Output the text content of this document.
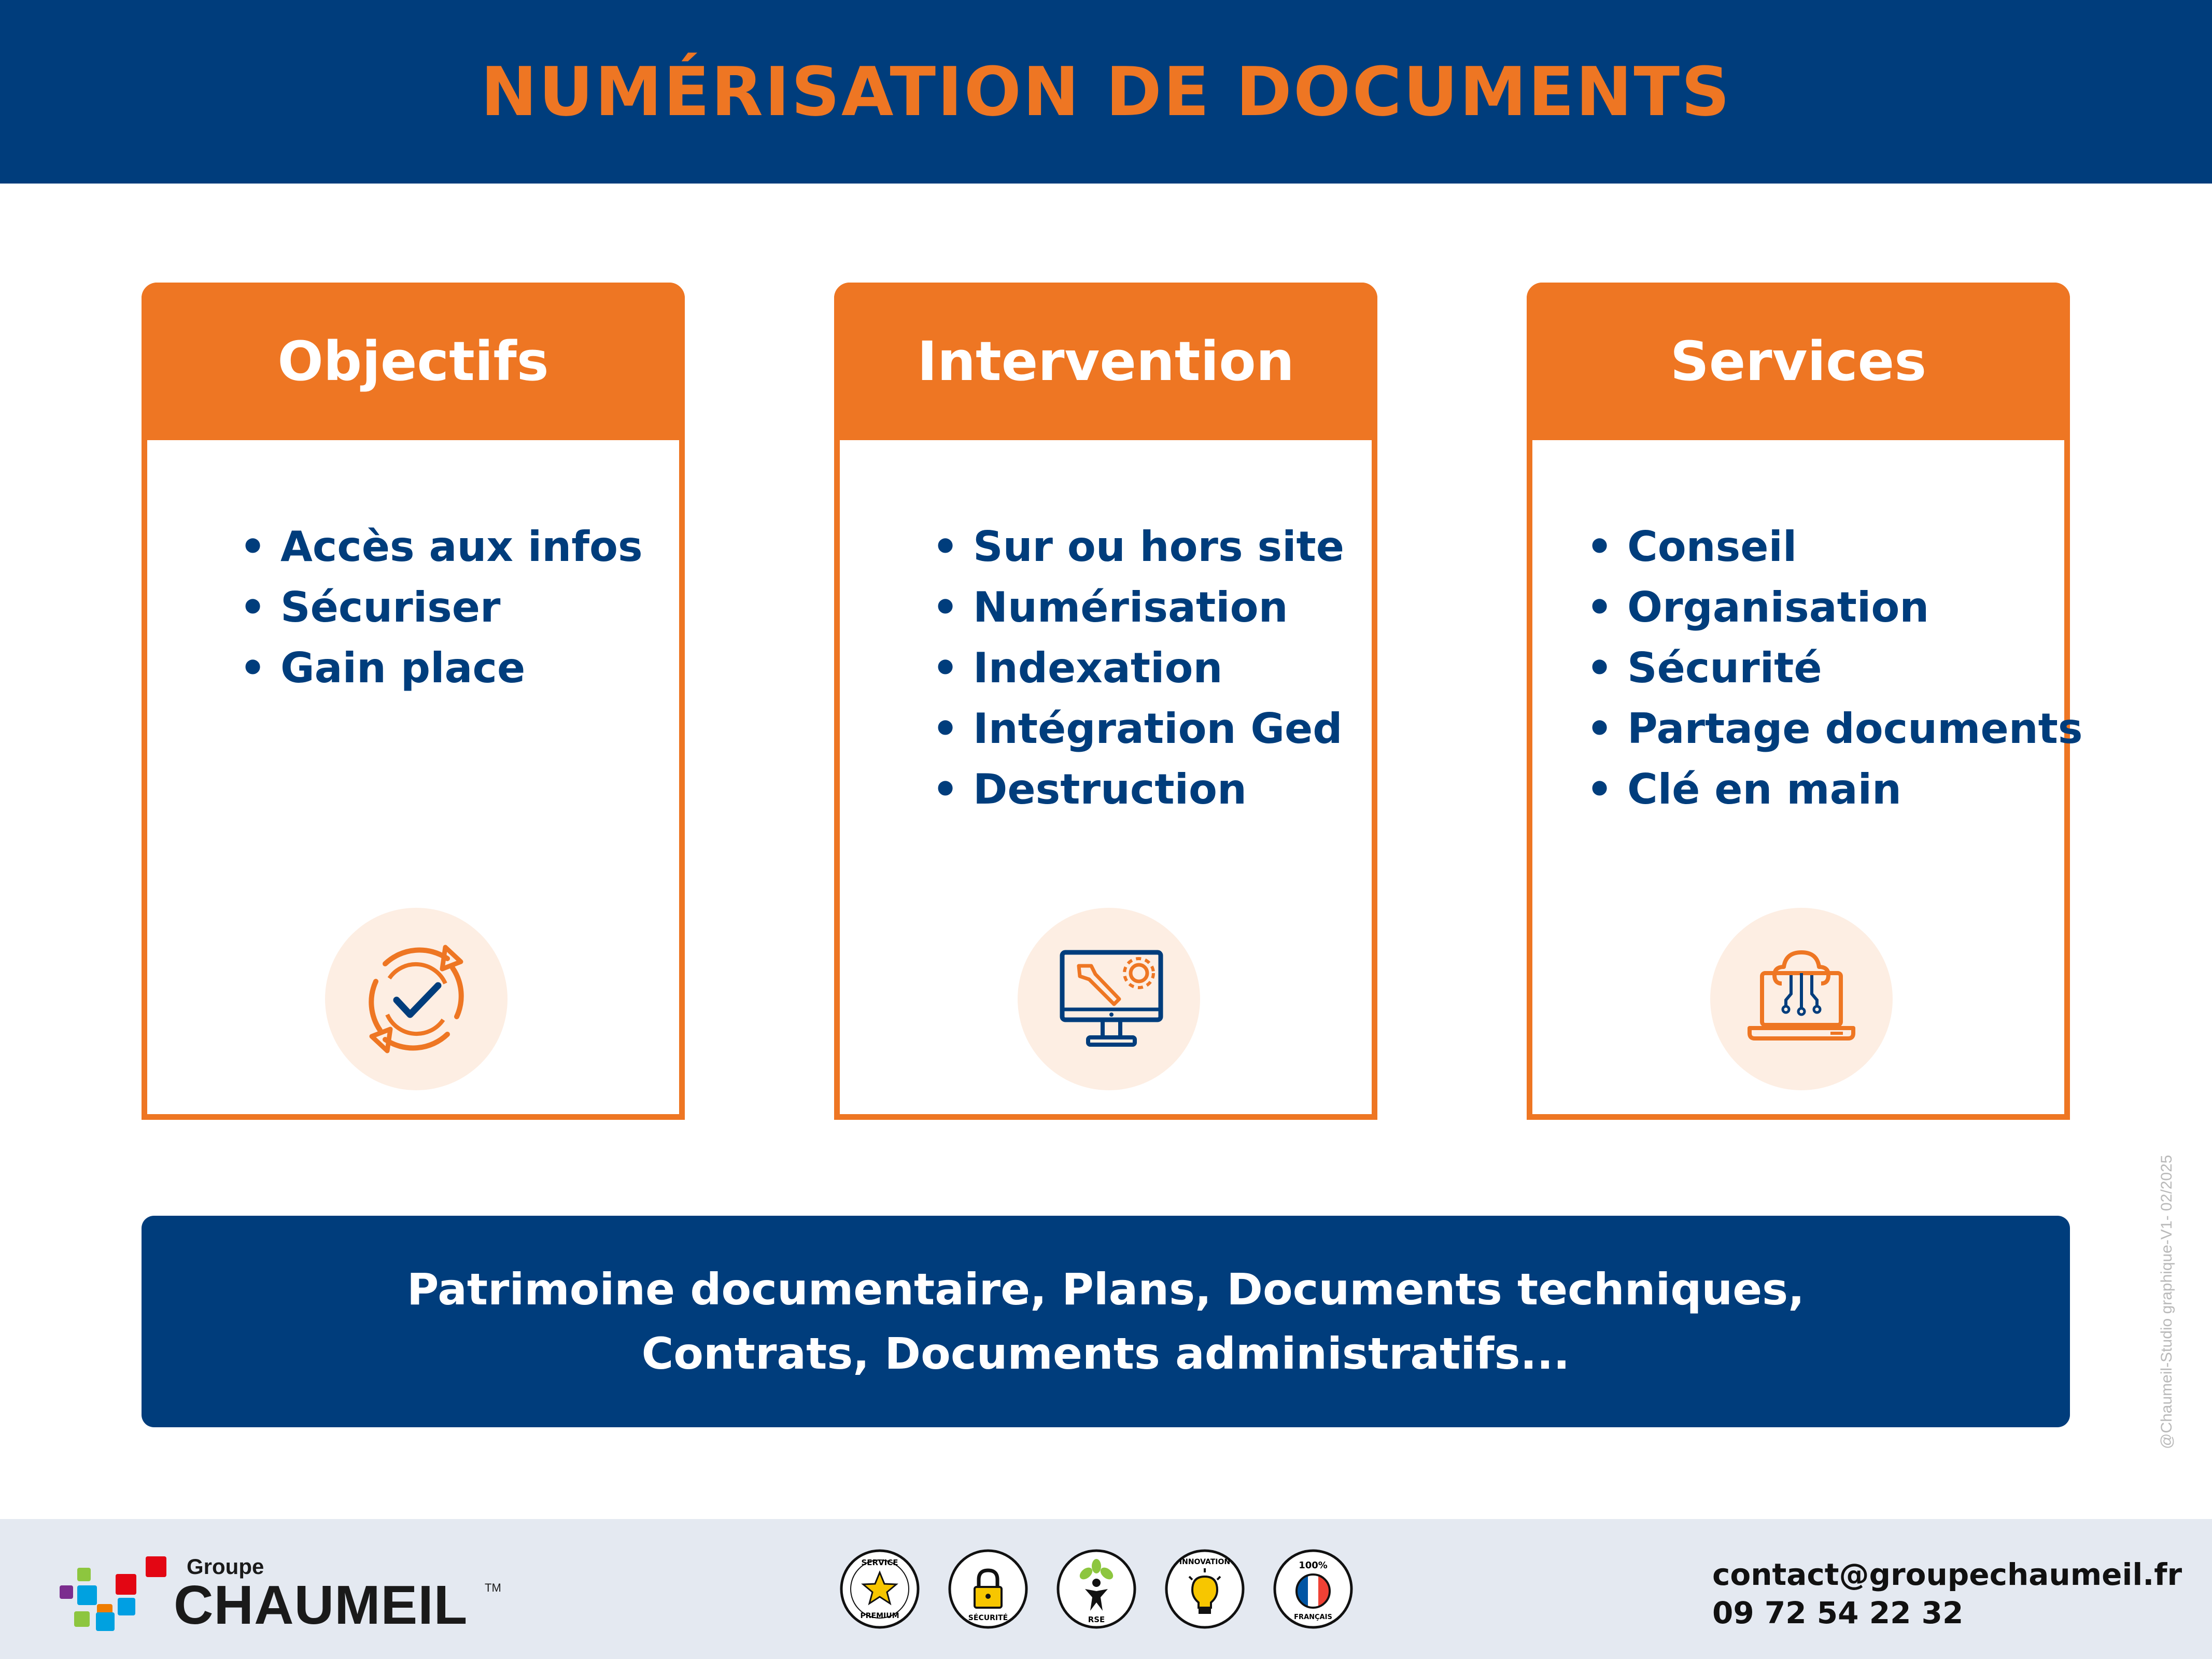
NUMÉRISATION DE DOCUMENTS
Objectifs
• Accès aux infos
• Sécuriser
• Gain place
Intervention
• Sur ou hors site
• Numérisation
• Indexation
• Intégration Ged
• Destruction
Services
• Conseil
• Organisation
• Sécurité
• Partage documents
• Clé en main
Patrimoine documentaire, Plans, Documents techniques,
Contrats, Documents administratifs...	@Chaumeil-Studio graphique-V1- 02/2025
Groupe
CHAUMEIL TM
SERVICE
PREMIUM	SÉCURITÉ	RSE
INNOVATION	100%
FRANÇAIS
contact@groupechaumeil.fr
09 72 54 22 32
